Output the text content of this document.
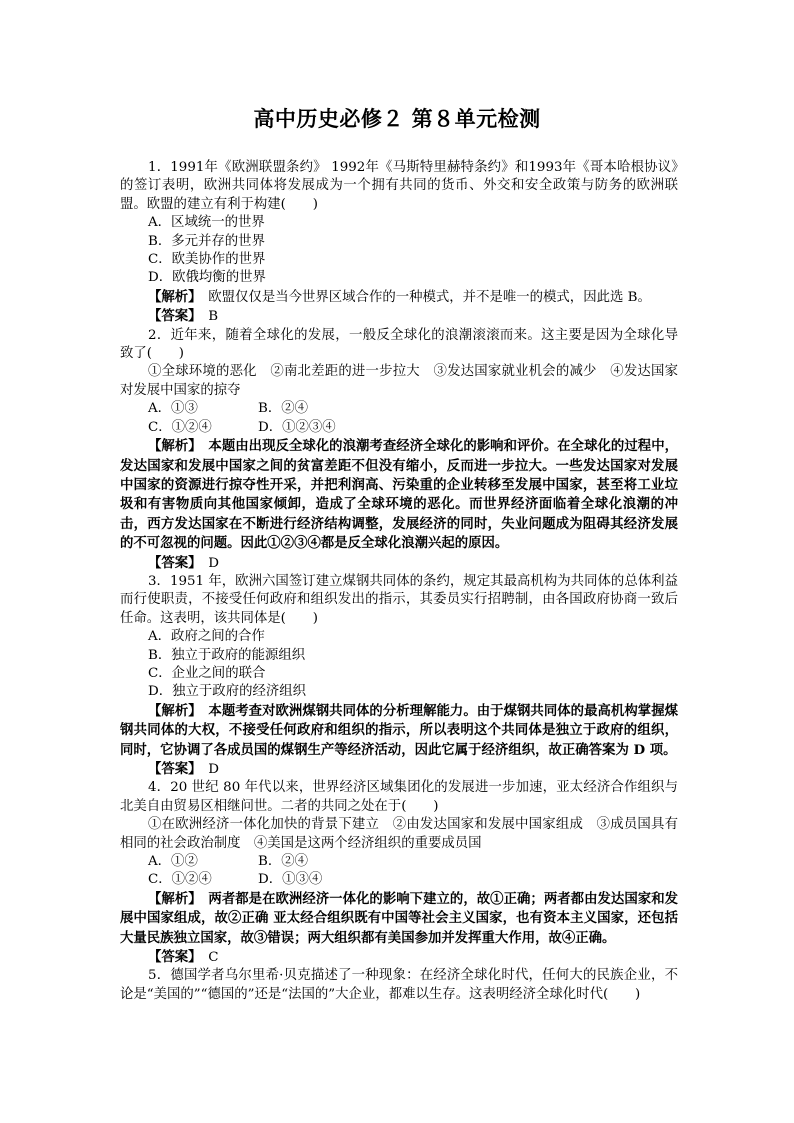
高中历史必修２ 第８单元检测

1．1991年《欧洲联盟条约》 1992年《马斯特里赫特条约》和1993年《哥本哈根协议》的签订表明，欧洲共同体将发展成为一个拥有共同的货币、外交和安全政策与防务的欧洲联盟。欧盟的建立有利于构建(　　)

A．区域统一的世界

B．多元并存的世界

C．欧美协作的世界

D．欧俄均衡的世界

【解析】　欧盟仅仅是当今世界区域合作的一种模式，并不是唯一的模式，因此选 B。

【答案】　B

2．近年来，随着全球化的发展，一般反全球化的浪潮滚滚而来。这主要是因为全球化导致了(　　)

①全球环境的恶化　②南北差距的进一步拉大　③发达国家就业机会的减少　④发达国家对发展中国家的掠夺

A．①③	B．②④

C．①②④	D．①②③④

【解析】　本题由出现反全球化的浪潮考查经济全球化的影响和评价。在全球化的过程中，发达国家和发展中国家之间的贫富差距不但没有缩小，反而进一步拉大。一些发达国家对发展中国家的资源进行掠夺性开采，并把利润高、污染重的企业转移至发展中国家，甚至将工业垃圾和有害物质向其他国家倾卸，造成了全球环境的恶化。而世界经济面临着全球化浪潮的冲击，西方发达国家在不断进行经济结构调整，发展经济的同时，失业问题成为阻碍其经济发展的不可忽视的问题。因此①②③④都是反全球化浪潮兴起的原因。

【答案】　D

3．1951 年，欧洲六国签订建立煤钢共同体的条约，规定其最高机构为共同体的总体利益而行使职责，不接受任何政府和组织发出的指示，其委员实行招聘制，由各国政府协商一致后任命。这表明，该共同体是(　　)

A．政府之间的合作

B．独立于政府的能源组织

C．企业之间的联合

D．独立于政府的经济组织

【解析】　本题考查对欧洲煤钢共同体的分析理解能力。由于煤钢共同体的最高机构掌握煤钢共同体的大权，不接受任何政府和组织的指示，所以表明这个共同体是独立于政府的组织，同时，它协调了各成员国的煤钢生产等经济活动，因此它属于经济组织，故正确答案为 D 项。

【答案】　D

4．20 世纪 80 年代以来，世界经济区域集团化的发展进一步加速，亚太经济合作组织与北美自由贸易区相继问世。二者的共同之处在于(　　)

①在欧洲经济一体化加快的背景下建立　②由发达国家和发展中国家组成　③成员国具有相同的社会政治制度　④美国是这两个经济组织的重要成员国

A．①②	B．②④

C．①②④	D．①③④

【解析】　两者都是在欧洲经济一体化的影响下建立的，故①正确；两者都由发达国家和发展中国家组成，故②正确 亚太经合组织既有中国等社会主义国家，也有资本主义国家，还包括大量民族独立国家，故③错误；两大组织都有美国参加并发挥重大作用，故④正确。

【答案】　C

5．德国学者乌尔里希·贝克描述了一种现象：在经济全球化时代，任何大的民族企业，不论是“美国的”“德国的”还是“法国的”大企业，都难以生存。这表明经济全球化时代(　　)
